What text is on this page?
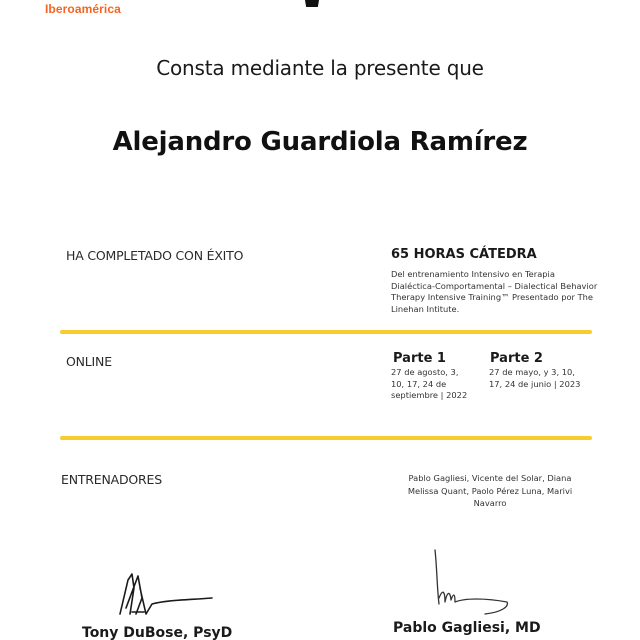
Iberoamérica
Consta mediante la presente que
Alejandro Guardiola Ramírez
HA COMPLETADO CON ÉXITO	65 HORAS CÁTEDRA
Del entrenamiento Intensivo en Terapia Dialéctica-Comportamental – Dialectical Behavior Therapy Intensive Training™ Presentado por The Linehan Intitute.
ONLINE	Parte 1
27 de agosto, 3, 10, 17, 24 de septiembre | 2022
Parte 2
27 de mayo, y 3, 10, 17, 24 de junio | 2023
ENTRENADORES	Pablo Gagliesi, Vicente del Solar, Diana Melissa Quant, Paolo Pérez Luna, Marivi Navarro
Tony DuBose, PsyD	Pablo Gagliesi, MD
